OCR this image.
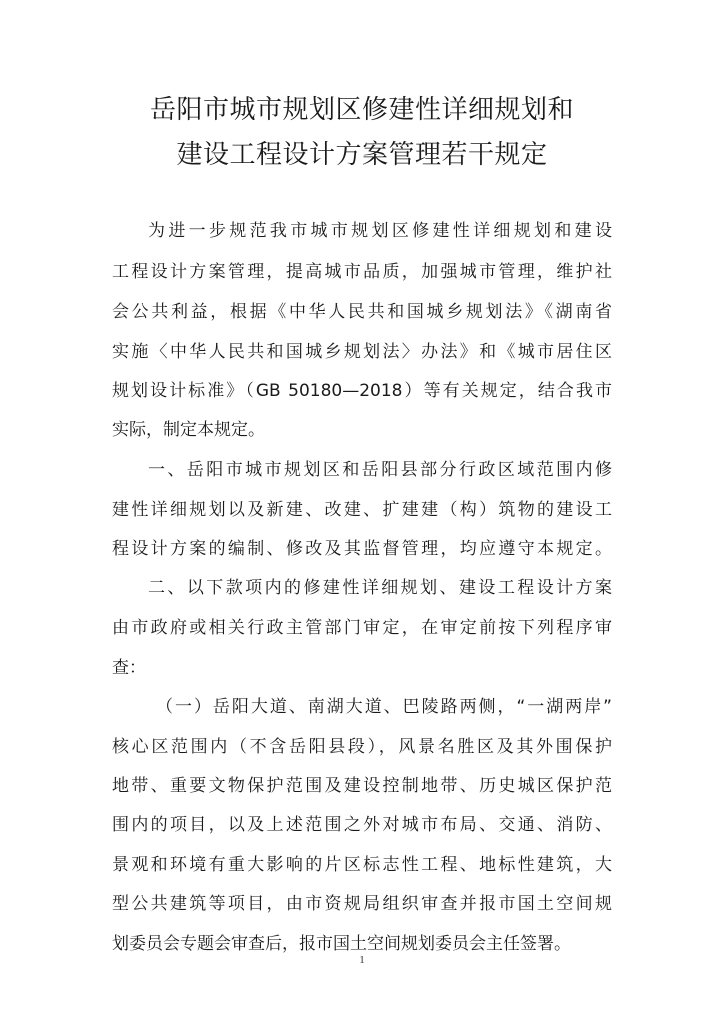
岳阳市城市规划区修建性详细规划和
建设工程设计方案管理若干规定
为进一步规范我市城市规划区修建性详细规划和建设
工程设计方案管理，提高城市品质，加强城市管理，维护社
会公共利益，根据《中华人民共和国城乡规划法》《湖南省
实施〈中华人民共和国城乡规划法〉办法》和《城市居住区
规划设计标准》（GB 50180—2018）等有关规定，结合我市
实际，制定本规定。
一、岳阳市城市规划区和岳阳县部分行政区域范围内修
建性详细规划以及新建、改建、扩建建（构）筑物的建设工
程设计方案的编制、修改及其监督管理，均应遵守本规定。
二、以下款项内的修建性详细规划、建设工程设计方案
由市政府或相关行政主管部门审定，在审定前按下列程序审
查：
（一）岳阳大道、南湖大道、巴陵路两侧，“一湖两岸”
核心区范围内（不含岳阳县段），风景名胜区及其外围保护
地带、重要文物保护范围及建设控制地带、历史城区保护范
围内的项目，以及上述范围之外对城市布局、交通、消防、
景观和环境有重大影响的片区标志性工程、地标性建筑，大
型公共建筑等项目，由市资规局组织审查并报市国土空间规
划委员会专题会审查后，报市国土空间规划委员会主任签署。
1
